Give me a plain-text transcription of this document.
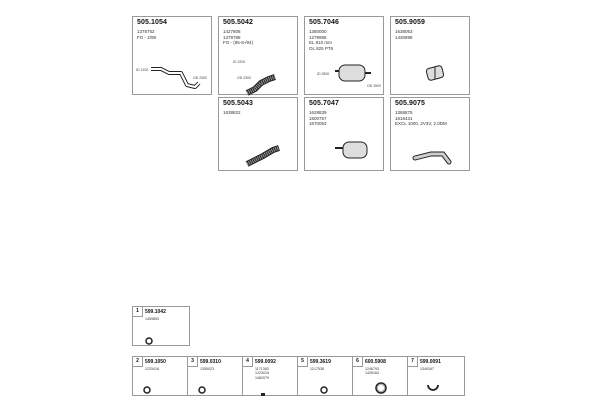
505.1054
1378752
FO - 2/99
ID 2100
OD 2300
505.5042
1427808
1378788
FO - (95-8-/94)
ID 2200
OD 2300
505.7046
1380000
1279985
EL 810 mm
OL 825 PT6
ID 2500
OD 2500
505.9059
1638053
1430898
505.5043
1638822
505.7047
1628839
1600757
1670053
505.9075
1368875
1616431
EXCL 1000, 2V3V, 2.0DM
1	599.1042
1459853
2	599.1050
1233416
3	599.0310
1355023
4	599.0092
1171383
1223015
1482079
5	599.3619
1217538
6	600.5908
1246793
1426164
7	599.0091
1349167
